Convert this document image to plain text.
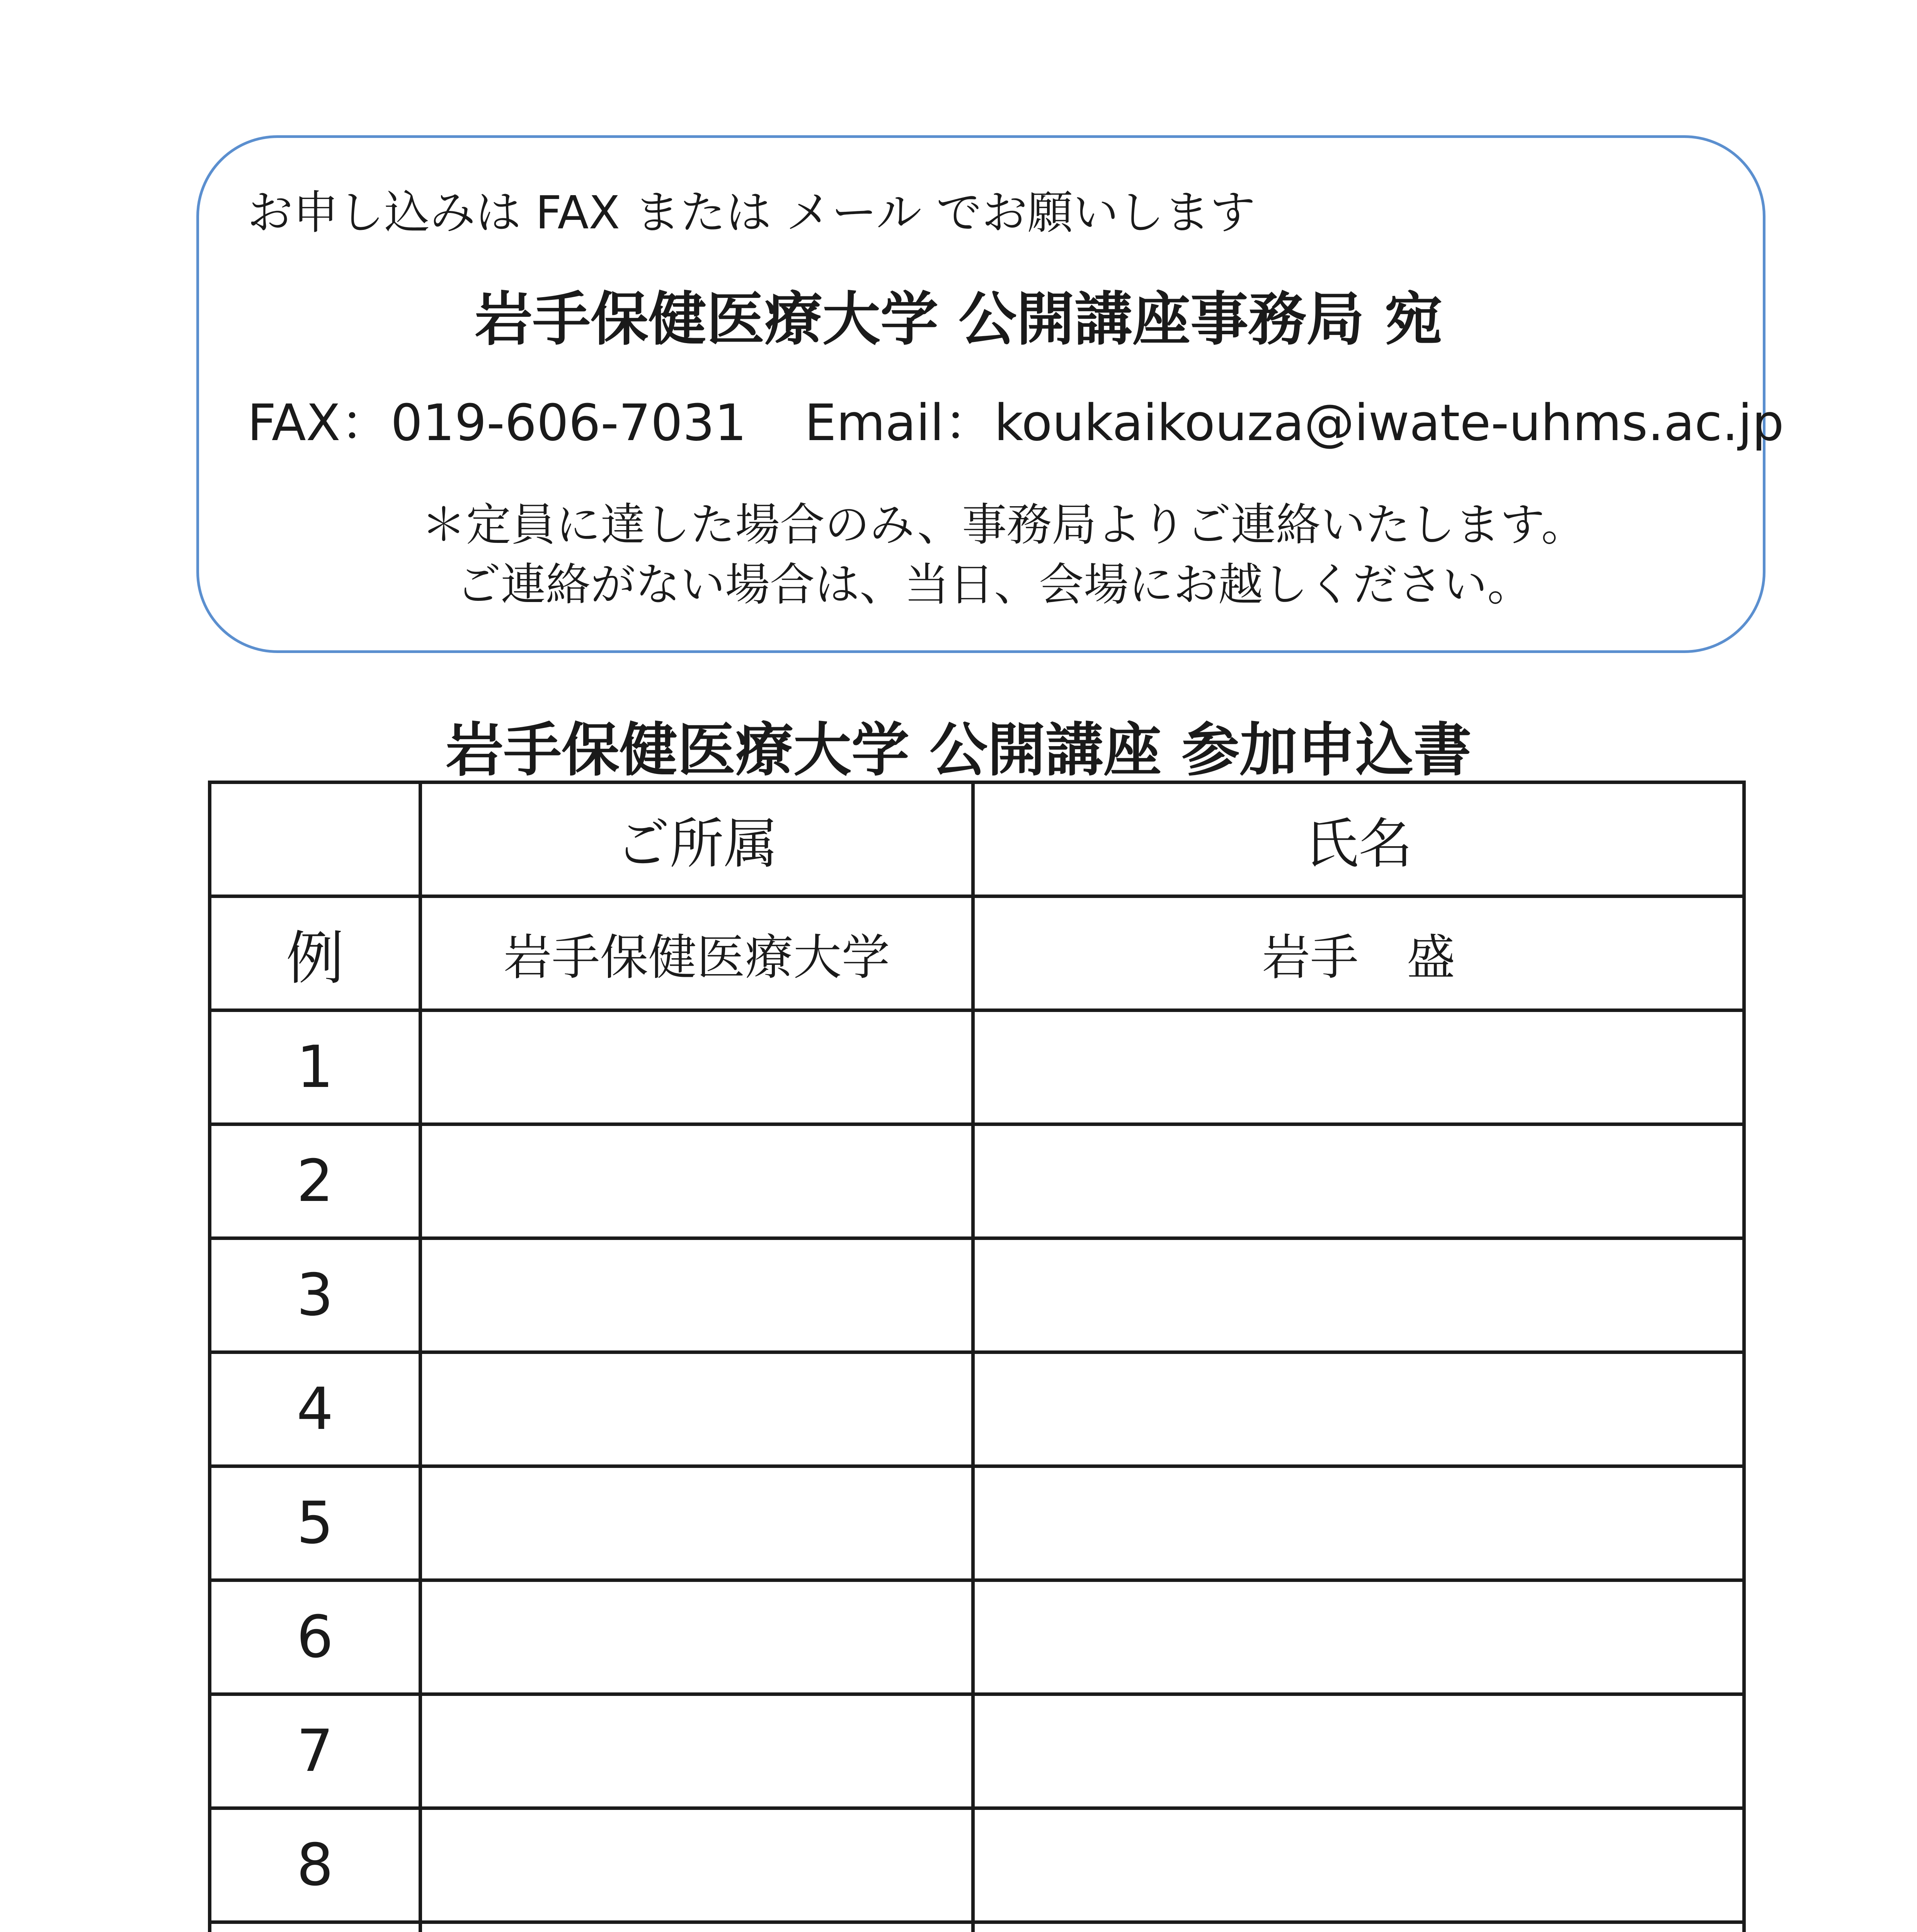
お申し込みは FAX または メール でお願いします
岩手保健医療大学 公開講座事務局 宛
FAX：019-606-7031 Email：koukaikouza@iwate-uhms.ac.jp
＊定員に達した場合のみ、事務局よりご連絡いたします。
ご連絡がない場合は、当日、会場にお越しください。
岩手保健医療大学 公開講座 参加申込書
	ご所属	氏名
例	岩手保健医療大学	岩手　盛
1		
2		
3		
4		
5		
6		
7		
8		
